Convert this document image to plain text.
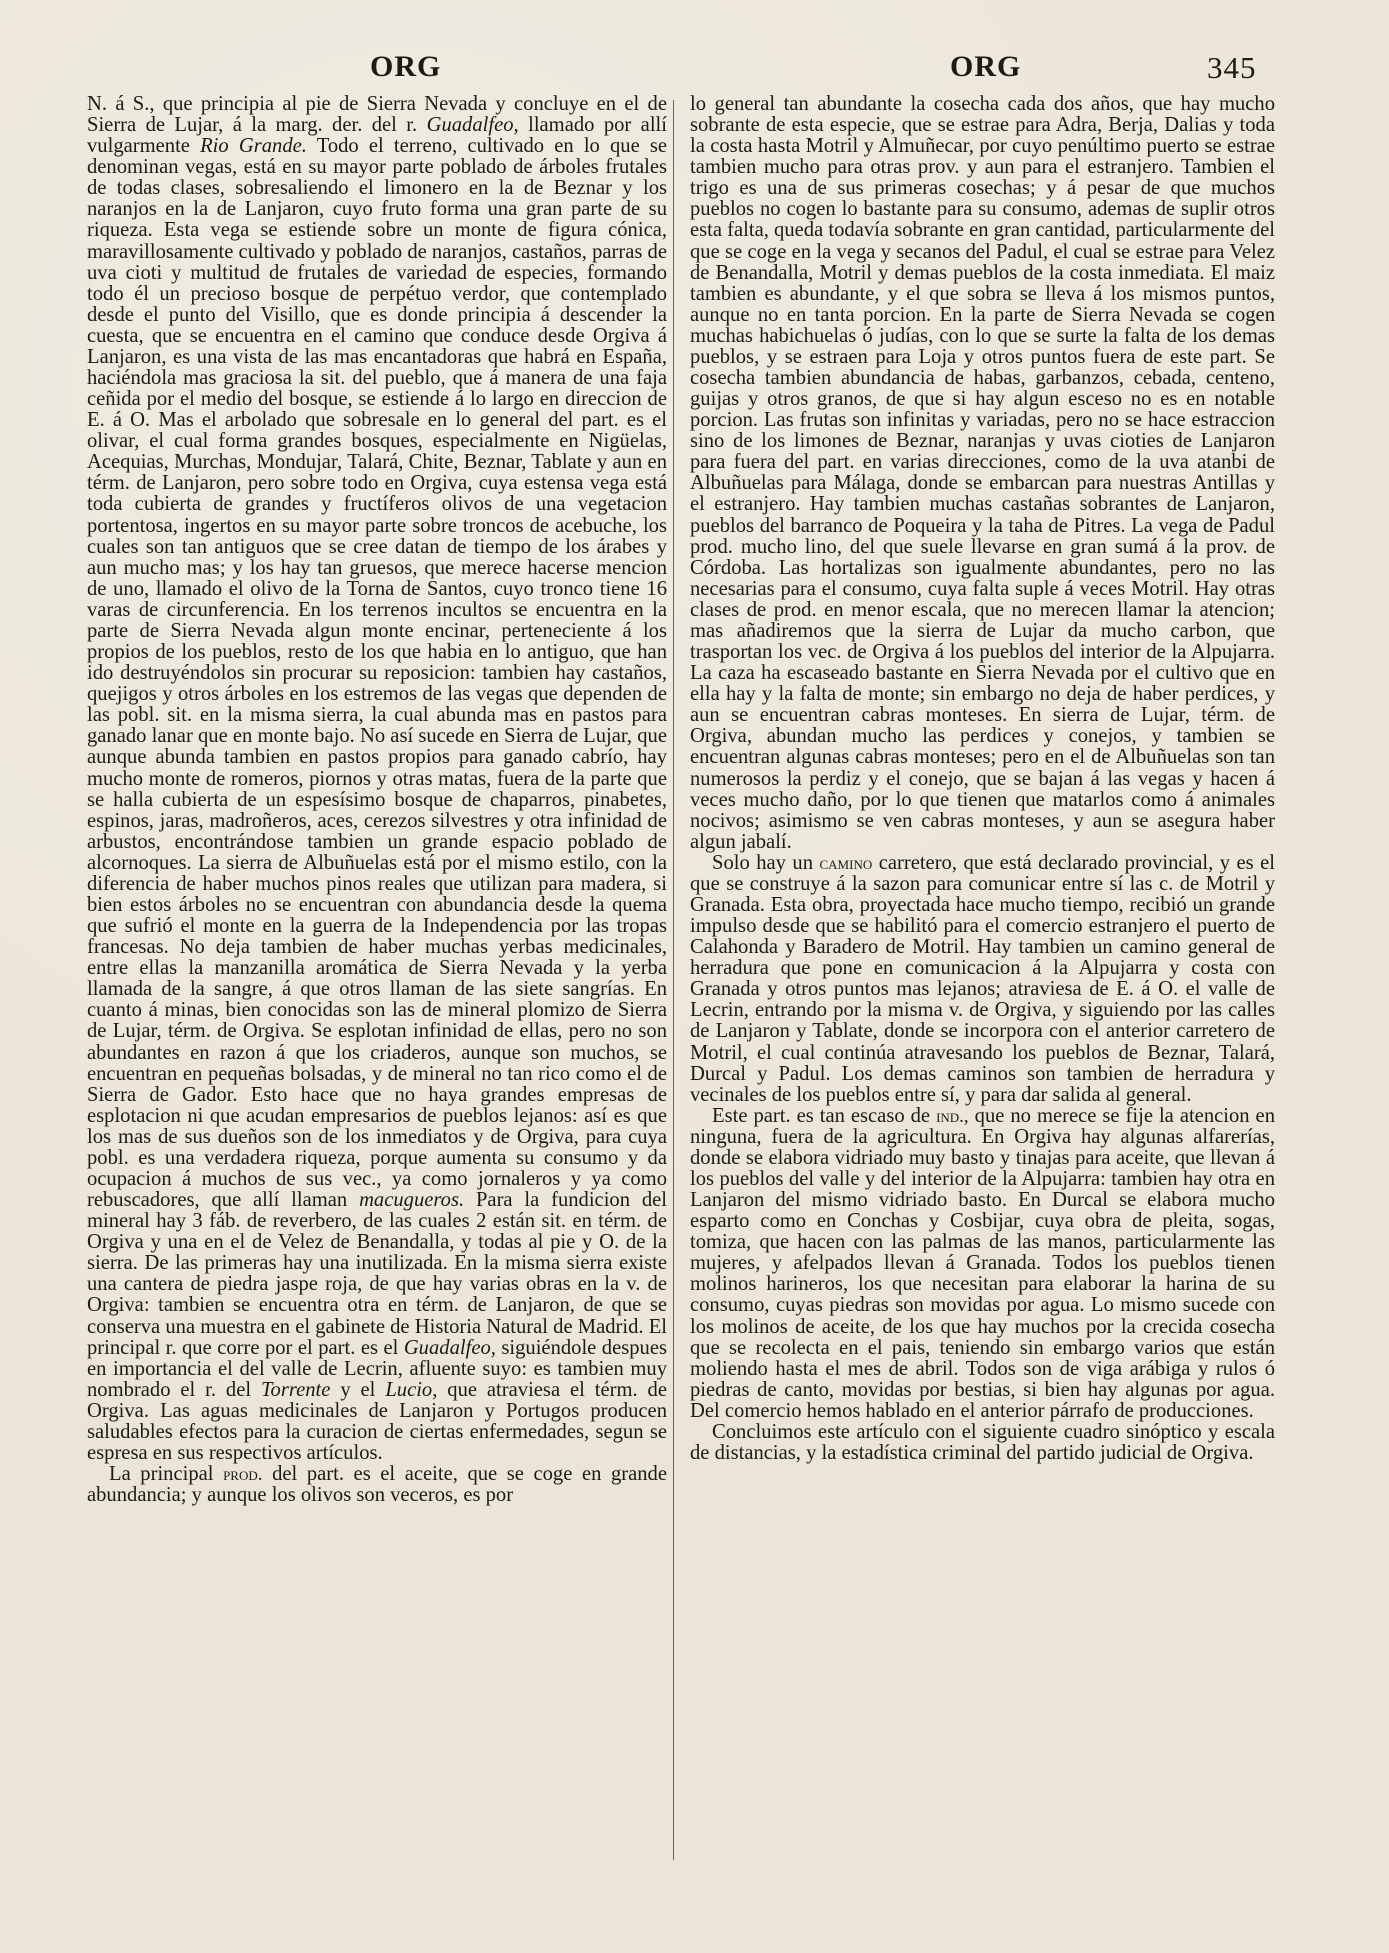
ORG	ORG	345

N. á S., que principia al pie de Sierra Nevada y concluye en el de Sierra de Lujar, á la marg. der. del r. Guadalfeo, llamado por allí vulgarmente Rio Grande. Todo el terreno, cultivado en lo que se denominan vegas, está en su mayor parte poblado de árboles frutales de todas clases, sobresaliendo el limonero en la de Beznar y los naranjos en la de Lanjaron, cuyo fruto forma una gran parte de su riqueza. Esta vega se estiende sobre un monte de figura cónica, maravillosamente cultivado y poblado de naranjos, castaños, parras de uva cioti y multitud de frutales de variedad de especies, formando todo él un precioso bosque de perpétuo verdor, que contemplado desde el punto del Visillo, que es donde principia á descender la cuesta, que se encuentra en el camino que conduce desde Orgiva á Lanjaron, es una vista de las mas encantadoras que habrá en España, haciéndola mas graciosa la sit. del pueblo, que á manera de una faja ceñida por el medio del bosque, se estiende á lo largo en direccion de E. á O. Mas el arbolado que sobresale en lo general del part. es el olivar, el cual forma grandes bosques, especialmente en Nigüelas, Acequias, Murchas, Mondujar, Talará, Chite, Beznar, Tablate y aun en térm. de Lanjaron, pero sobre todo en Orgiva, cuya estensa vega está toda cubierta de grandes y fructíferos olivos de una vegetacion portentosa, ingertos en su mayor parte sobre troncos de acebuche, los cuales son tan antiguos que se cree datan de tiempo de los árabes y aun mucho mas; y los hay tan gruesos, que merece hacerse mencion de uno, llamado el olivo de la Torna de Santos, cuyo tronco tiene 16 varas de circunferencia. En los terrenos incultos se encuentra en la parte de Sierra Nevada algun monte encinar, perteneciente á los propios de los pueblos, resto de los que habia en lo antiguo, que han ido destruyéndolos sin procurar su reposicion: tambien hay castaños, quejigos y otros árboles en los estremos de las vegas que dependen de las pobl. sit. en la misma sierra, la cual abunda mas en pastos para ganado lanar que en monte bajo. No así sucede en Sierra de Lujar, que aunque abunda tambien en pastos propios para ganado cabrío, hay mucho monte de romeros, piornos y otras matas, fuera de la parte que se halla cubierta de un espesísimo bosque de chaparros, pinabetes, espinos, jaras, madroñeros, aces, cerezos silvestres y otra infinidad de arbustos, encontrándose tambien un grande espacio poblado de alcornoques. La sierra de Albuñuelas está por el mismo estilo, con la diferencia de haber muchos pinos reales que utilizan para madera, si bien estos árboles no se encuentran con abundancia desde la quema que sufrió el monte en la guerra de la Independencia por las tropas francesas. No deja tambien de haber muchas yerbas medicinales, entre ellas la manzanilla aromática de Sierra Nevada y la yerba llamada de la sangre, á que otros llaman de las siete sangrías. En cuanto á minas, bien conocidas son las de mineral plomizo de Sierra de Lujar, térm. de Orgiva. Se esplotan infinidad de ellas, pero no son abundantes en razon á que los criaderos, aunque son muchos, se encuentran en pequeñas bolsadas, y de mineral no tan rico como el de Sierra de Gador. Esto hace que no haya grandes empresas de esplotacion ni que acudan empresarios de pueblos lejanos: así es que los mas de sus dueños son de los inmediatos y de Orgiva, para cuya pobl. es una verdadera riqueza, porque aumenta su consumo y da ocupacion á muchos de sus vec., ya como jornaleros y ya como rebuscadores, que allí llaman macugueros. Para la fundicion del mineral hay 3 fáb. de reverbero, de las cuales 2 están sit. en térm. de Orgiva y una en el de Velez de Benandalla, y todas al pie y O. de la sierra. De las primeras hay una inutilizada. En la misma sierra existe una cantera de piedra jaspe roja, de que hay varias obras en la v. de Orgiva: tambien se encuentra otra en térm. de Lanjaron, de que se conserva una muestra en el gabinete de Historia Natural de Madrid. El principal r. que corre por el part. es el Guadalfeo, siguiéndole despues en importancia el del valle de Lecrin, afluente suyo: es tambien muy nombrado el r. del Torrente y el Lucio, que atraviesa el térm. de Orgiva. Las aguas medicinales de Lanjaron y Portugos producen saludables efectos para la curacion de ciertas enfermedades, segun se espresa en sus respectivos artículos.

La principal prod. del part. es el aceite, que se coge en grande abundancia; y aunque los olivos son veceros, es por

lo general tan abundante la cosecha cada dos años, que hay mucho sobrante de esta especie, que se estrae para Adra, Berja, Dalias y toda la costa hasta Motril y Almuñecar, por cuyo penúltimo puerto se estrae tambien mucho para otras prov. y aun para el estranjero. Tambien el trigo es una de sus primeras cosechas; y á pesar de que muchos pueblos no cogen lo bastante para su consumo, ademas de suplir otros esta falta, queda todavía sobrante en gran cantidad, particularmente del que se coge en la vega y secanos del Padul, el cual se estrae para Velez de Benandalla, Motril y demas pueblos de la costa inmediata. El maiz tambien es abundante, y el que sobra se lleva á los mismos puntos, aunque no en tanta porcion. En la parte de Sierra Nevada se cogen muchas habichuelas ó judías, con lo que se surte la falta de los demas pueblos, y se estraen para Loja y otros puntos fuera de este part. Se cosecha tambien abundancia de habas, garbanzos, cebada, centeno, guijas y otros granos, de que si hay algun esceso no es en notable porcion. Las frutas son infinitas y variadas, pero no se hace estraccion sino de los limones de Beznar, naranjas y uvas cioties de Lanjaron para fuera del part. en varias direcciones, como de la uva atanbi de Albuñuelas para Málaga, donde se embarcan para nuestras Antillas y el estranjero. Hay tambien muchas castañas sobrantes de Lanjaron, pueblos del barranco de Poqueira y la taha de Pitres. La vega de Padul prod. mucho lino, del que suele llevarse en gran sumá á la prov. de Córdoba. Las hortalizas son igualmente abundantes, pero no las necesarias para el consumo, cuya falta suple á veces Motril. Hay otras clases de prod. en menor escala, que no merecen llamar la atencion; mas añadiremos que la sierra de Lujar da mucho carbon, que trasportan los vec. de Orgiva á los pueblos del interior de la Alpujarra. La caza ha escaseado bastante en Sierra Nevada por el cultivo que en ella hay y la falta de monte; sin embargo no deja de haber perdices, y aun se encuentran cabras monteses. En sierra de Lujar, térm. de Orgiva, abundan mucho las perdices y conejos, y tambien se encuentran algunas cabras monteses; pero en el de Albuñuelas son tan numerosos la perdiz y el conejo, que se bajan á las vegas y hacen á veces mucho daño, por lo que tienen que matarlos como á animales nocivos; asimismo se ven cabras monteses, y aun se asegura haber algun jabalí.

Solo hay un camino carretero, que está declarado provincial, y es el que se construye á la sazon para comunicar entre sí las c. de Motril y Granada. Esta obra, proyectada hace mucho tiempo, recibió un grande impulso desde que se habilitó para el comercio estranjero el puerto de Calahonda y Baradero de Motril. Hay tambien un camino general de herradura que pone en comunicacion á la Alpujarra y costa con Granada y otros puntos mas lejanos; atraviesa de E. á O. el valle de Lecrin, entrando por la misma v. de Orgiva, y siguiendo por las calles de Lanjaron y Tablate, donde se incorpora con el anterior carretero de Motril, el cual continúa atravesando los pueblos de Beznar, Talará, Durcal y Padul. Los demas caminos son tambien de herradura y vecinales de los pueblos entre sí, y para dar salida al general.

Este part. es tan escaso de ind., que no merece se fije la atencion en ninguna, fuera de la agricultura. En Orgiva hay algunas alfarerías, donde se elabora vidriado muy basto y tinajas para aceite, que llevan á los pueblos del valle y del interior de la Alpujarra: tambien hay otra en Lanjaron del mismo vidriado basto. En Durcal se elabora mucho esparto como en Conchas y Cosbijar, cuya obra de pleita, sogas, tomiza, que hacen con las palmas de las manos, particularmente las mujeres, y afelpados llevan á Granada. Todos los pueblos tienen molinos harineros, los que necesitan para elaborar la harina de su consumo, cuyas piedras son movidas por agua. Lo mismo sucede con los molinos de aceite, de los que hay muchos por la crecida cosecha que se recolecta en el pais, teniendo sin embargo varios que están moliendo hasta el mes de abril. Todos son de viga arábiga y rulos ó piedras de canto, movidas por bestias, si bien hay algunas por agua. Del comercio hemos hablado en el anterior párrafo de producciones.

Concluimos este artículo con el siguiente cuadro sinóptico y escala de distancias, y la estadística criminal del partido judicial de Orgiva.
